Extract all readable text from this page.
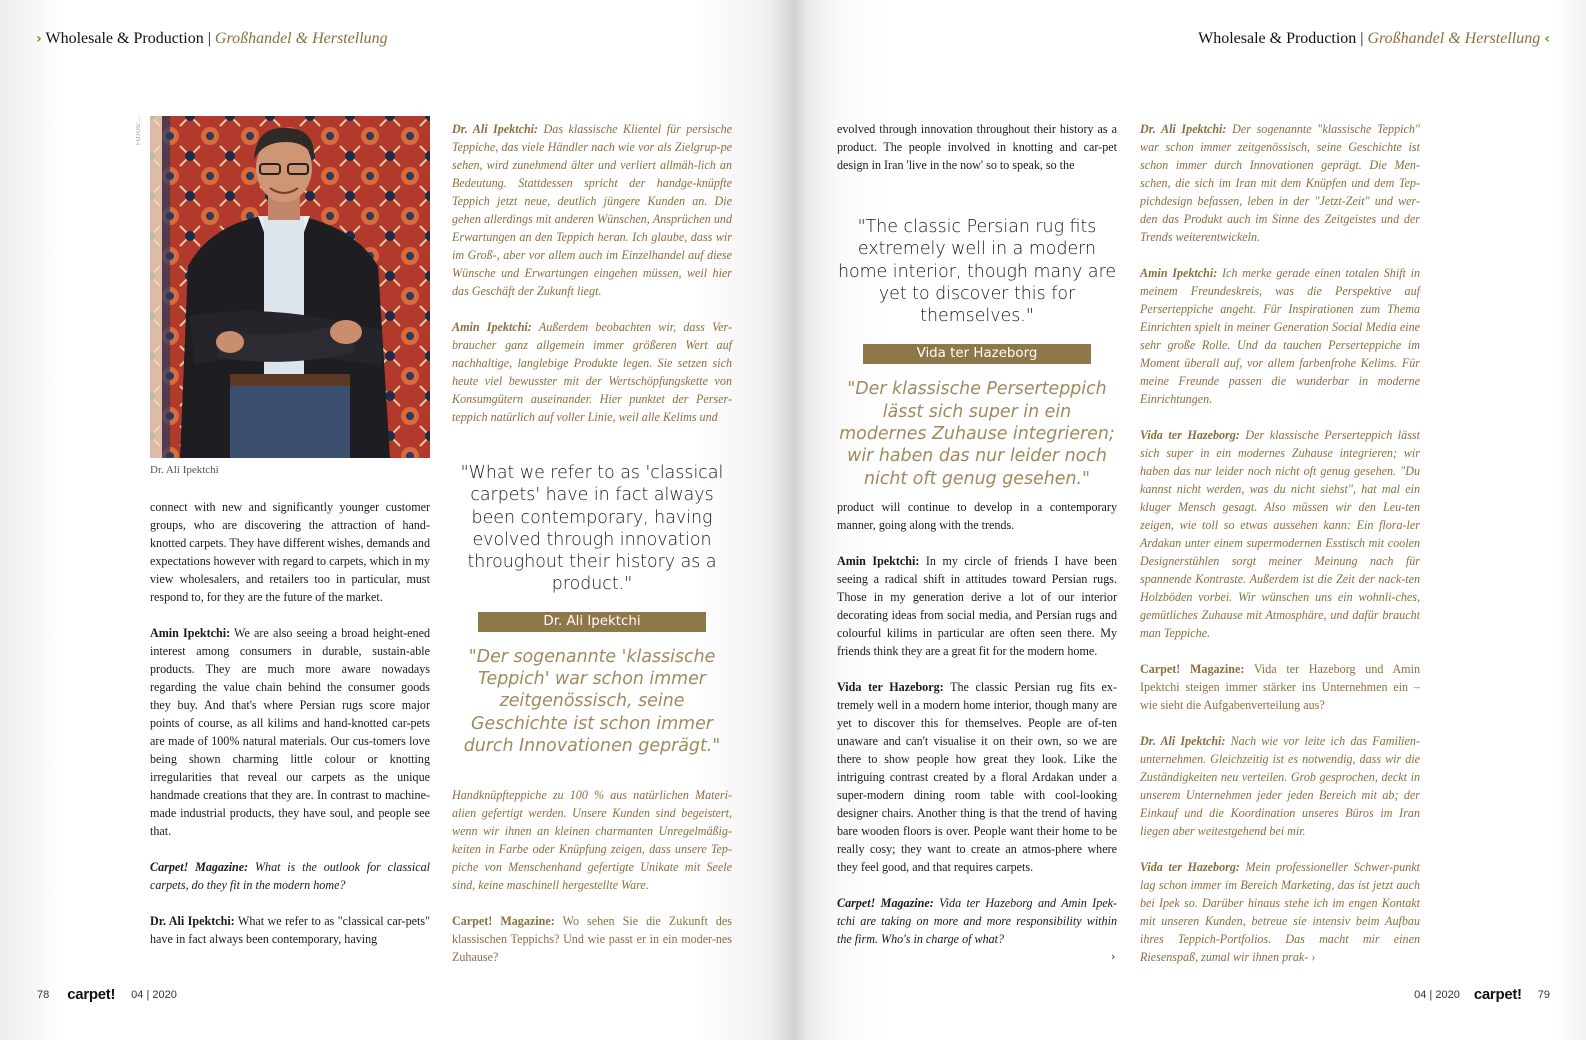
› Wholesale & Production | Großhandel & Herstellung
FOTOS: ...
Dr. Ali Ipektchi

connect with new and significantly younger customer groups, who are discovering the attraction of hand-knotted carpets. They have different wishes, demands and expectations however with regard to carpets, which in my view wholesalers, and retailers too in particular, must respond to, for they are the future of the market.

Amin Ipektchi: We are also seeing a broad height-ened interest among consumers in durable, sustain-able products. They are much more aware nowadays regarding the value chain behind the consumer goods they buy. And that's where Persian rugs score major points of course, as all kilims and hand-knotted car-pets are made of 100% natural materials. Our cus-tomers love being shown charming little colour or knotting irregularities that reveal our carpets as the unique handmade creations that they are. In contrast to machine-made industrial products, they have soul, and people see that.

Carpet! Magazine: What is the outlook for classical carpets, do they fit in the modern home?

Dr. Ali Ipektchi: What we refer to as "classical car-pets" have in fact always been contemporary, having

Dr. Ali Ipektchi: Das klassische Klientel für persische Teppiche, das viele Händler nach wie vor als Zielgrup-pe sehen, wird zunehmend älter und verliert allmäh-lich an Bedeutung. Stattdessen spricht der handge-knüpfte Teppich jetzt neue, deutlich jüngere Kunden an. Die gehen allerdings mit anderen Wünschen, Ansprüchen und Erwartungen an den Teppich heran. Ich glaube, dass wir im Groß-, aber vor allem auch im Einzelhandel auf diese Wünsche und Erwartungen eingehen müssen, weil hier das Geschäft der Zukunft liegt.

Amin Ipektchi: Außerdem beobachten wir, dass Ver-braucher ganz allgemein immer größeren Wert auf nachhaltige, langlebige Produkte legen. Sie setzen sich heute viel bewusster mit der Wertschöpfungskette von Konsumgütern auseinander. Hier punktet der Perser-teppich natürlich auf voller Linie, weil alle Kelims und

"What we refer to as 'classical carpets' have in fact always been contemporary, having evolved through innovation throughout their history as a product."
Dr. Ali Ipektchi
"Der sogenannte 'klassische Teppich' war schon immer zeitgenössisch, seine Geschichte ist schon immer durch Innovationen geprägt."

Handknüpfteppiche zu 100 % aus natürlichen Materi-alien gefertigt werden. Unsere Kunden sind begeistert, wenn wir ihnen an kleinen charmanten Unregelmäßig-keiten in Farbe oder Knüpfung zeigen, dass unsere Tep-piche von Menschenhand gefertigte Unikate mit Seele sind, keine maschinell hergestellte Ware.

Carpet! Magazine: Wo sehen Sie die Zukunft des klassischen Teppichs? Und wie passt er in ein moder-nes Zuhause?

78 carpet! 04 | 2020
Wholesale & Production | Großhandel & Herstellung ‹

evolved through innovation throughout their history as a product. The people involved in knotting and car-pet design in Iran 'live in the now' so to speak, so the

"The classic Persian rug fits extremely well in a modern home interior, though many are yet to discover this for themselves."
Vida ter Hazeborg
"Der klassische Perserteppich lässt sich super in ein modernes Zuhause integrieren; wir haben das nur leider noch nicht oft genug gesehen."

product will continue to develop in a contemporary manner, going along with the trends.

Amin Ipektchi: In my circle of friends I have been seeing a radical shift in attitudes toward Persian rugs. Those in my generation derive a lot of our interior decorating ideas from social media, and Persian rugs and colourful kilims in particular are often seen there. My friends think they are a great fit for the modern home.

Vida ter Hazeborg: The classic Persian rug fits ex-tremely well in a modern home interior, though many are yet to discover this for themselves. People are of-ten unaware and can't visualise it on their own, so we are there to show people how great they look. Like the intriguing contrast created by a floral Ardakan under a super-modern dining room table with cool-looking designer chairs. Another thing is that the trend of having bare wooden floors is over. People want their home to be really cosy; they want to create an atmos-phere where they feel good, and that requires carpets.

Carpet! Magazine: Vida ter Hazeborg and Amin Ipek-tchi are taking on more and more responsibility within the firm. Who's in charge of what?

›

Dr. Ali Ipektchi: Der sogenannte "klassische Teppich" war schon immer zeitgenössisch, seine Geschichte ist schon immer durch Innovationen geprägt. Die Men-schen, die sich im Iran mit dem Knüpfen und dem Tep-pichdesign befassen, leben in der "Jetzt-Zeit" und wer-den das Produkt auch im Sinne des Zeitgeistes und der Trends weiterentwickeln.

Amin Ipektchi: Ich merke gerade einen totalen Shift in meinem Freundeskreis, was die Perspektive auf Perserteppiche angeht. Für Inspirationen zum Thema Einrichten spielt in meiner Generation Social Media eine sehr große Rolle. Und da tauchen Perserteppiche im Moment überall auf, vor allem farbenfrohe Kelims. Für meine Freunde passen die wunderbar in moderne Einrichtungen.

Vida ter Hazeborg: Der klassische Perserteppich lässt sich super in ein modernes Zuhause integrieren; wir haben das nur leider noch nicht oft genug gesehen. "Du kannst nicht werden, was du nicht siehst", hat mal ein kluger Mensch gesagt. Also müssen wir den Leu-ten zeigen, wie toll so etwas aussehen kann: Ein flora-ler Ardakan unter einem supermodernen Esstisch mit coolen Designerstühlen sorgt meiner Meinung nach für spannende Kontraste. Außerdem ist die Zeit der nack-ten Holzböden vorbei. Wir wünschen uns ein wohnli-ches, gemütliches Zuhause mit Atmosphäre, und dafür braucht man Teppiche.

Carpet! Magazine: Vida ter Hazeborg und Amin Ipektchi steigen immer stärker ins Unternehmen ein – wie sieht die Aufgabenverteilung aus?

Dr. Ali Ipektchi: Nach wie vor leite ich das Familien-unternehmen. Gleichzeitig ist es notwendig, dass wir die Zuständigkeiten neu verteilen. Grob gesprochen, deckt in unserem Unternehmen jeder jeden Bereich mit ab; der Einkauf und die Koordination unseres Büros im Iran liegen aber weitestgehend bei mir.

Vida ter Hazeborg: Mein professioneller Schwer-punkt lag schon immer im Bereich Marketing, das ist jetzt auch bei Ipek so. Darüber hinaus stehe ich im engen Kontakt mit unseren Kunden, betreue sie intensiv beim Aufbau ihres Teppich-Portfolios. Das macht mir einen Riesenspaß, zumal wir ihnen prak- ›

04 | 2020 carpet! 79
